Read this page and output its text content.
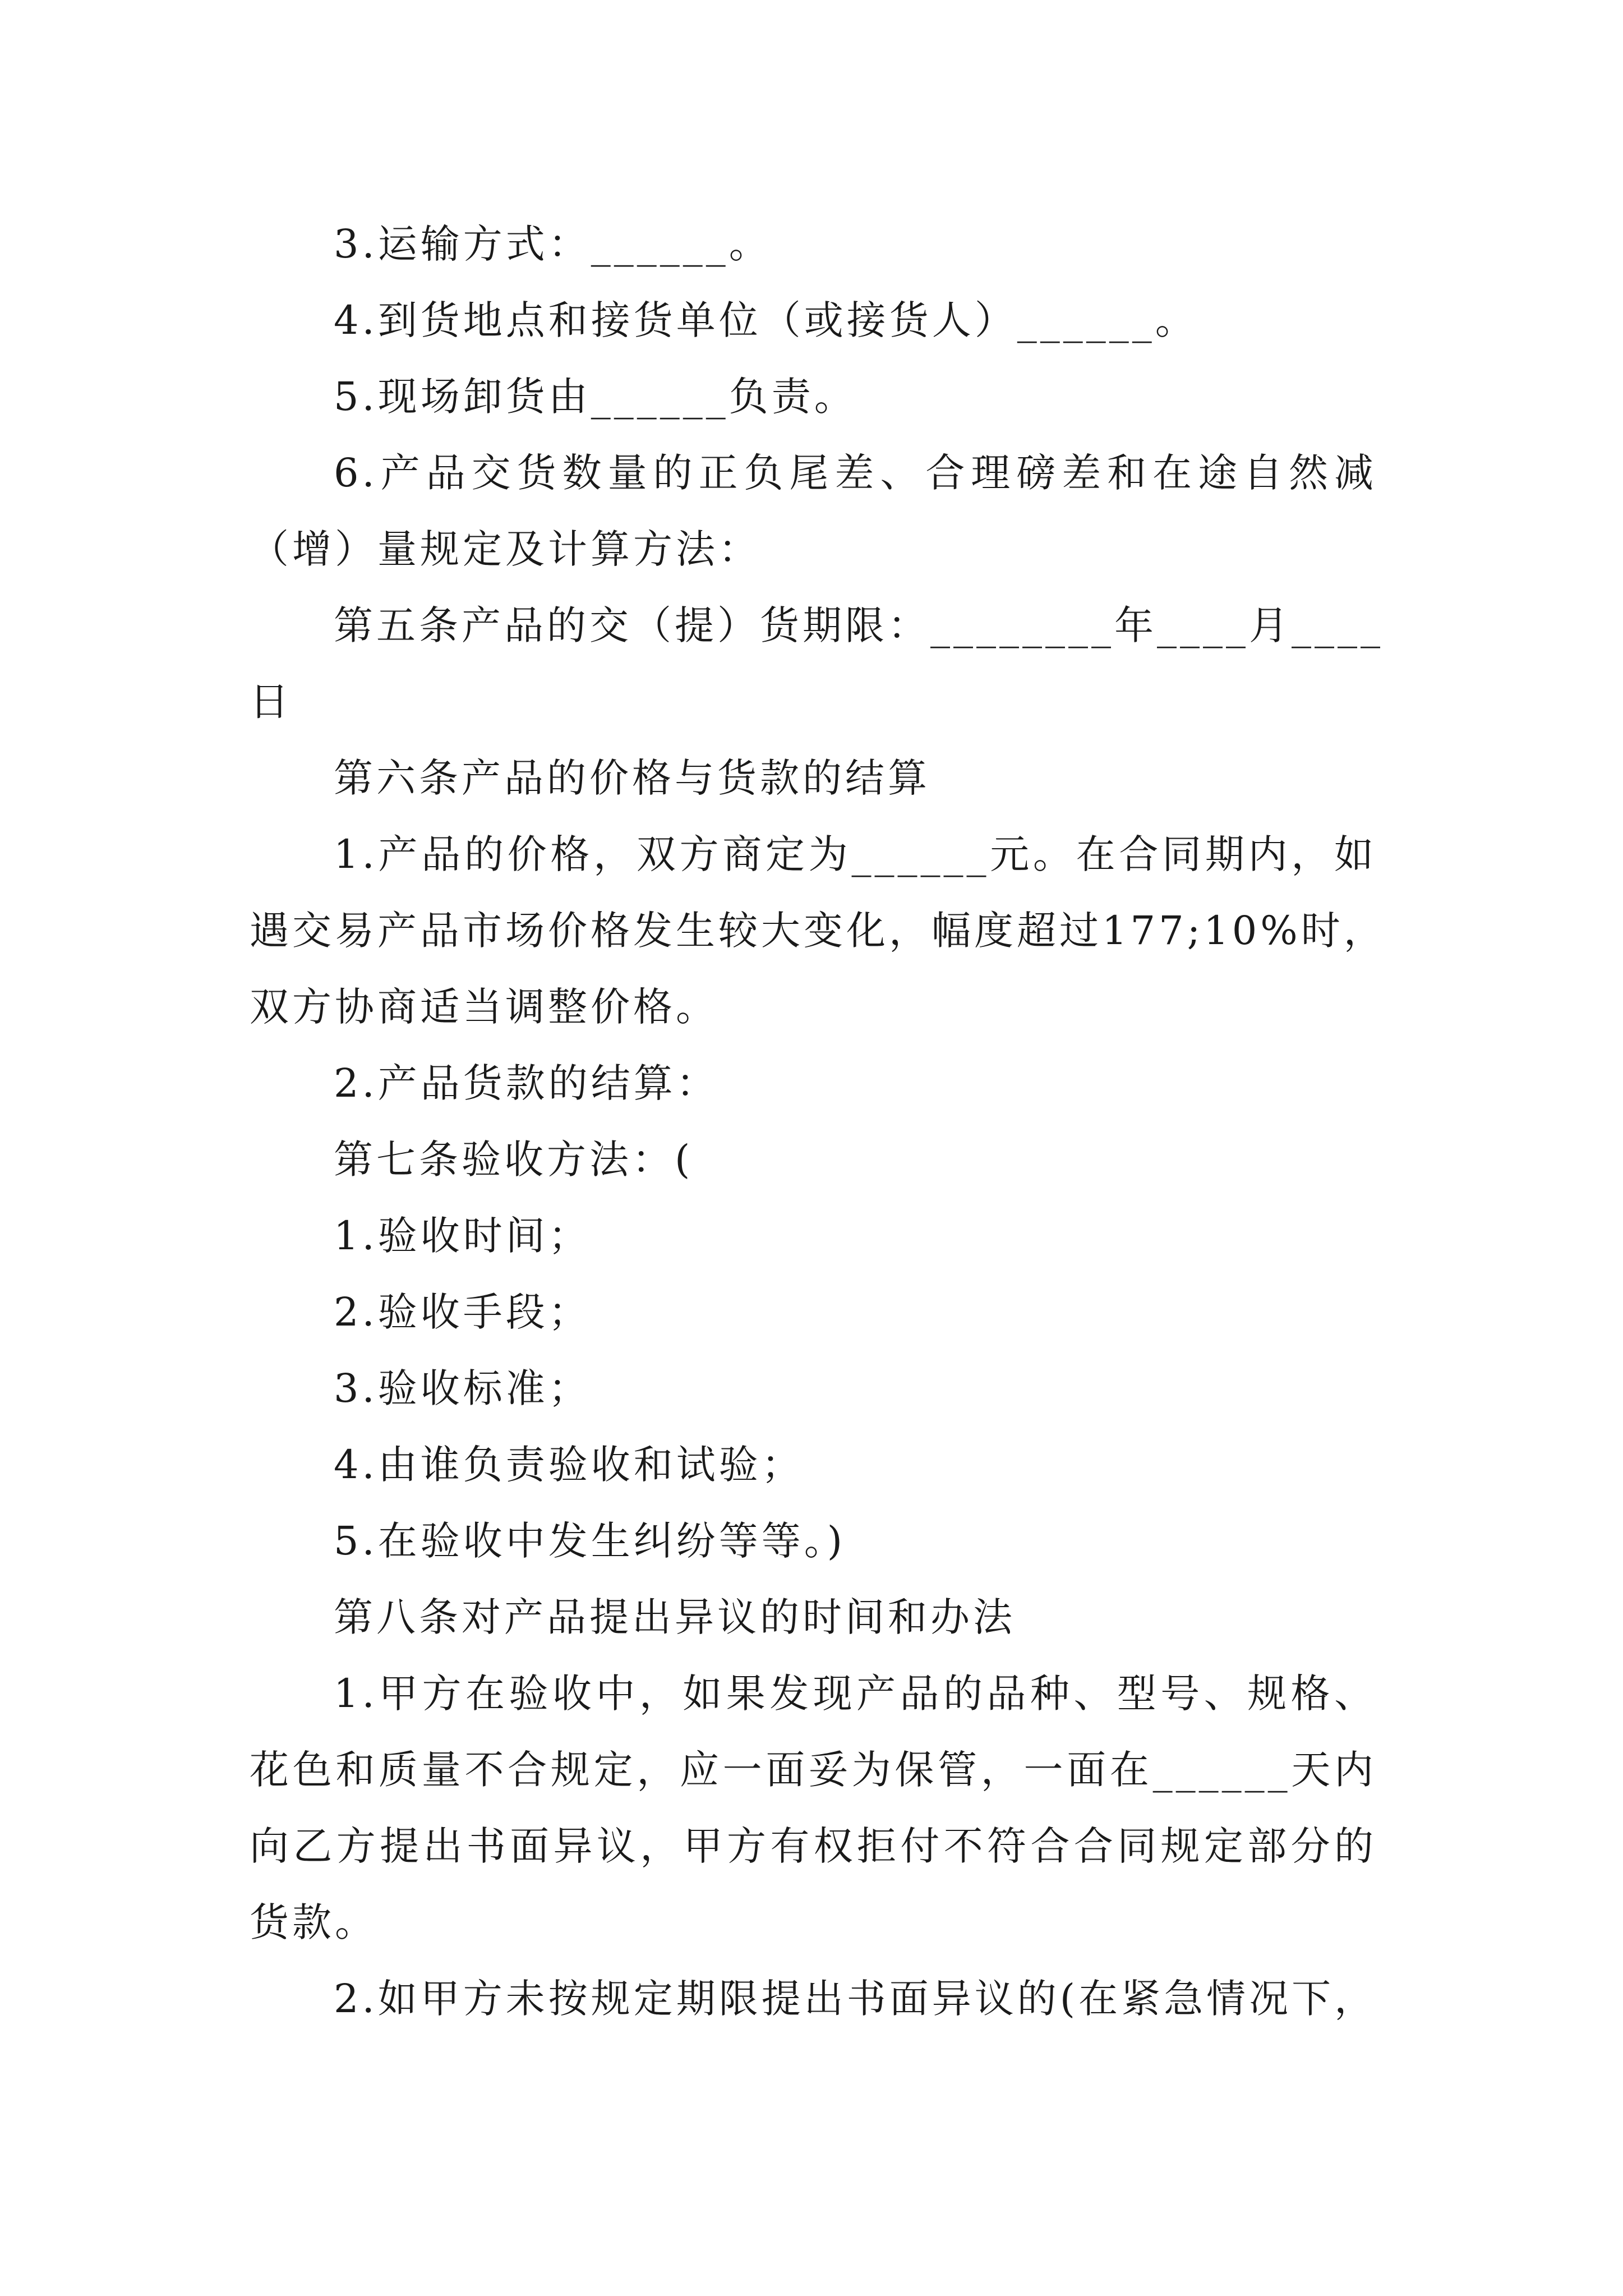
3.运输方式：______。
4.到货地点和接货单位（或接货人）______。
5.现场卸货由______负责。
6.产品交货数量的正负尾差、合理磅差和在途自然减
（增）量规定及计算方法：
第五条产品的交（提）货期限：________年____月____
日
第六条产品的价格与货款的结算
1.产品的价格，双方商定为______元。在合同期内，如
遇交易产品市场价格发生较大变化，幅度超过177;10%时，
双方协商适当调整价格。
2.产品货款的结算：
第七条验收方法：(
1.验收时间；
2.验收手段；
3.验收标准；
4.由谁负责验收和试验；
5.在验收中发生纠纷等等。)
第八条对产品提出异议的时间和办法
1.甲方在验收中，如果发现产品的品种、型号、规格、
花色和质量不合规定，应一面妥为保管，一面在______天内
向乙方提出书面异议，甲方有权拒付不符合合同规定部分的
货款。
2.如甲方未按规定期限提出书面异议的(在紧急情况下，
